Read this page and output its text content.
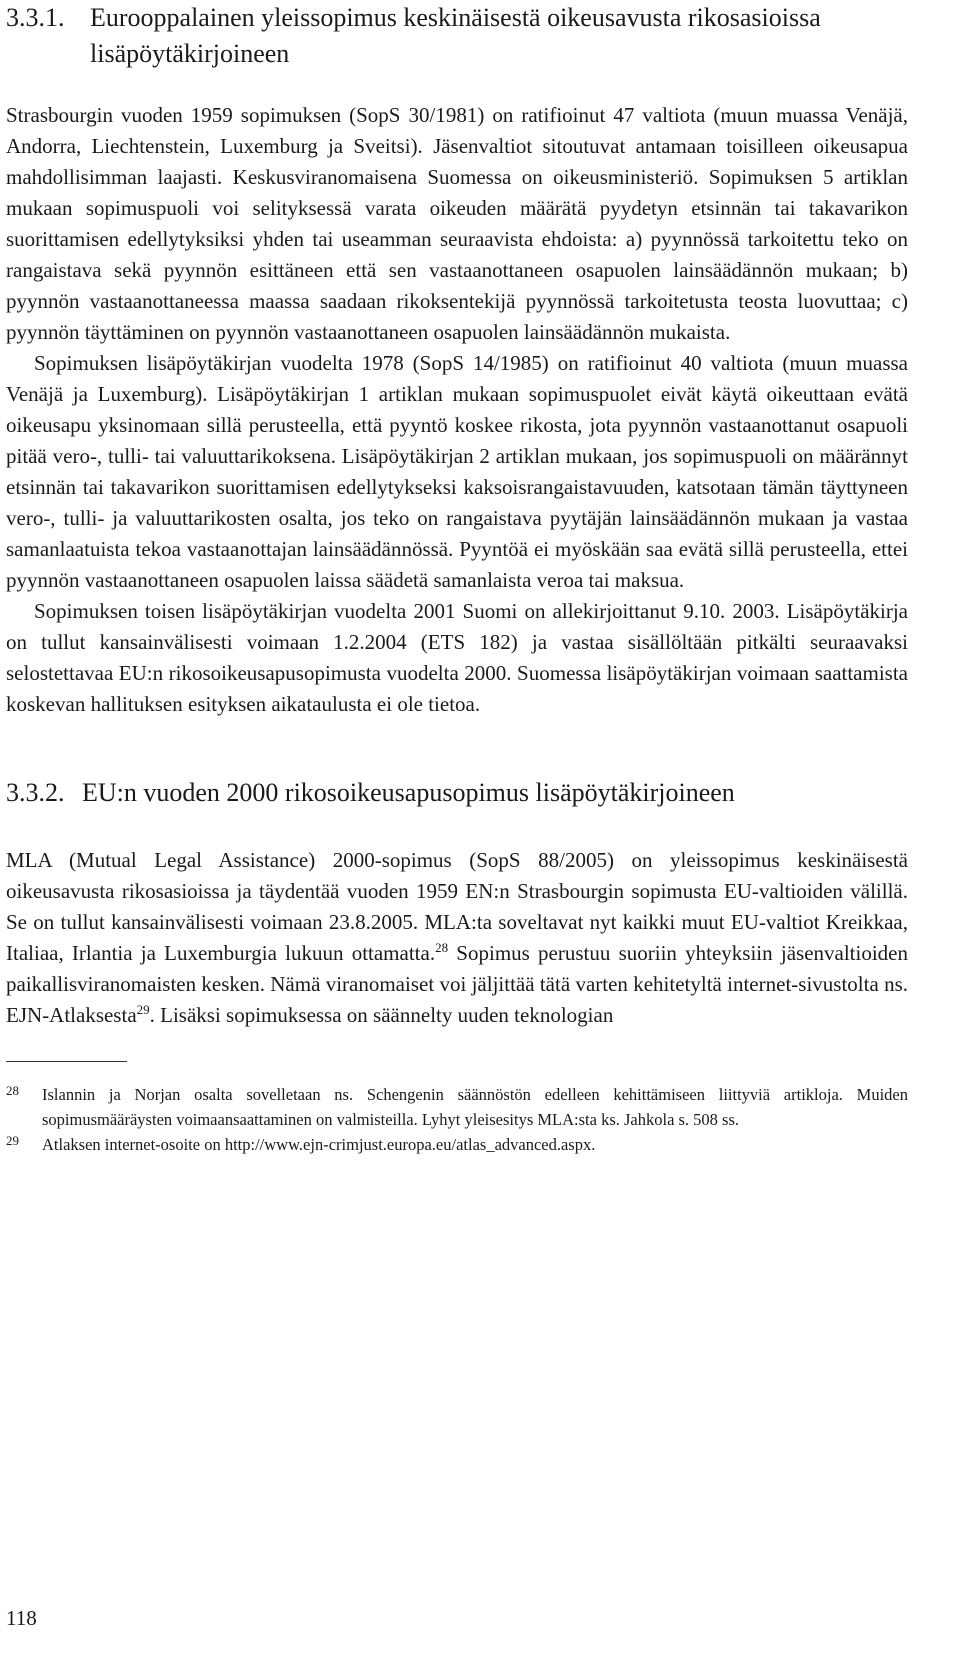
3.3.1. Eurooppalainen yleissopimus keskinäisestä oikeusavusta rikosasioissa lisäpöytäkirjoineen

Strasbourgin vuoden 1959 sopimuksen (SopS 30/1981) on ratifioinut 47 valtiota (muun muassa Venäjä, Andorra, Liechtenstein, Luxemburg ja Sveitsi). Jäsenvaltiot sitoutuvat antamaan toisilleen oikeusapua mahdollisimman laajasti. Keskusviranomaisena Suomessa on oikeusministeriö. Sopimuksen 5 artiklan mukaan sopimuspuoli voi selityksessä varata oikeuden määrätä pyydetyn etsinnän tai takavarikon suorittamisen edellytyksiksi yhden tai useamman seuraavista ehdoista: a) pyynnössä tarkoitettu teko on rangaistava sekä pyynnön esittäneen että sen vastaanottaneen osapuolen lainsäädännön mukaan; b) pyynnön vastaanottaneessa maassa saadaan rikoksentekijä pyynnössä tarkoitetusta teosta luovuttaa; c) pyynnön täyttäminen on pyynnön vastaanottaneen osapuolen lainsäädännön mukaista.

Sopimuksen lisäpöytäkirjan vuodelta 1978 (SopS 14/1985) on ratifioinut 40 valtiota (muun muassa Venäjä ja Luxemburg). Lisäpöytäkirjan 1 artiklan mukaan sopimuspuolet eivät käytä oikeuttaan evätä oikeusapu yksinomaan sillä perusteella, että pyyntö koskee rikosta, jota pyynnön vastaanottanut osapuoli pitää vero-, tulli- tai valuuttarikoksena. Lisäpöytäkirjan 2 artiklan mukaan, jos sopimuspuoli on määrännyt etsinnän tai takavarikon suorittamisen edellytykseksi kaksoisrangaistavuuden, katsotaan tämän täyttyneen vero-, tulli- ja valuuttarikosten osalta, jos teko on rangaistava pyytäjän lainsäädännön mukaan ja vastaa samanlaatuista tekoa vastaanottajan lainsäädännössä. Pyyntöä ei myöskään saa evätä sillä perusteella, ettei pyynnön vastaanottaneen osapuolen laissa säädetä samanlaista veroa tai maksua.

Sopimuksen toisen lisäpöytäkirjan vuodelta 2001 Suomi on allekirjoittanut 9.10. 2003. Lisäpöytäkirja on tullut kansainvälisesti voimaan 1.2.2004 (ETS 182) ja vastaa sisällöltään pitkälti seuraavaksi selostettavaa EU:n rikosoikeusapusopimusta vuodelta 2000. Suomessa lisäpöytäkirjan voimaan saattamista koskevan hallituksen esityksen aikataulusta ei ole tietoa.

3.3.2. EU:n vuoden 2000 rikosoikeusapusopimus lisäpöytäkirjoineen

MLA (Mutual Legal Assistance) 2000-sopimus (SopS 88/2005) on yleissopimus keskinäisestä oikeusavusta rikosasioissa ja täydentää vuoden 1959 EN:n Strasbourgin sopimusta EU-valtioiden välillä. Se on tullut kansainvälisesti voimaan 23.8.2005. MLA:ta soveltavat nyt kaikki muut EU-valtiot Kreikkaa, Italiaa, Irlantia ja Luxemburgia lukuun ottamatta.$^{28}$ Sopimus perustuu suoriin yhteyksiin jäsenvaltioiden paikallisviranomaisten kesken. Nämä viranomaiset voi jäljittää tätä varten kehitetyltä internet-sivustolta ns. EJN-Atlaksesta$^{29}$. Lisäksi sopimuksessa on säännelty uuden teknologian

28	Islannin ja Norjan osalta sovelletaan ns. Schengenin säännöstön edelleen kehittämiseen liittyviä artikloja. Muiden sopimusmääräysten voimaansaattaminen on valmisteilla. Lyhyt yleisesitys MLA:sta ks. Jahkola s. 508 ss.
29	Atlaksen internet-osoite on http://www.ejn-crimjust.europa.eu/atlas_advanced.aspx.
118
